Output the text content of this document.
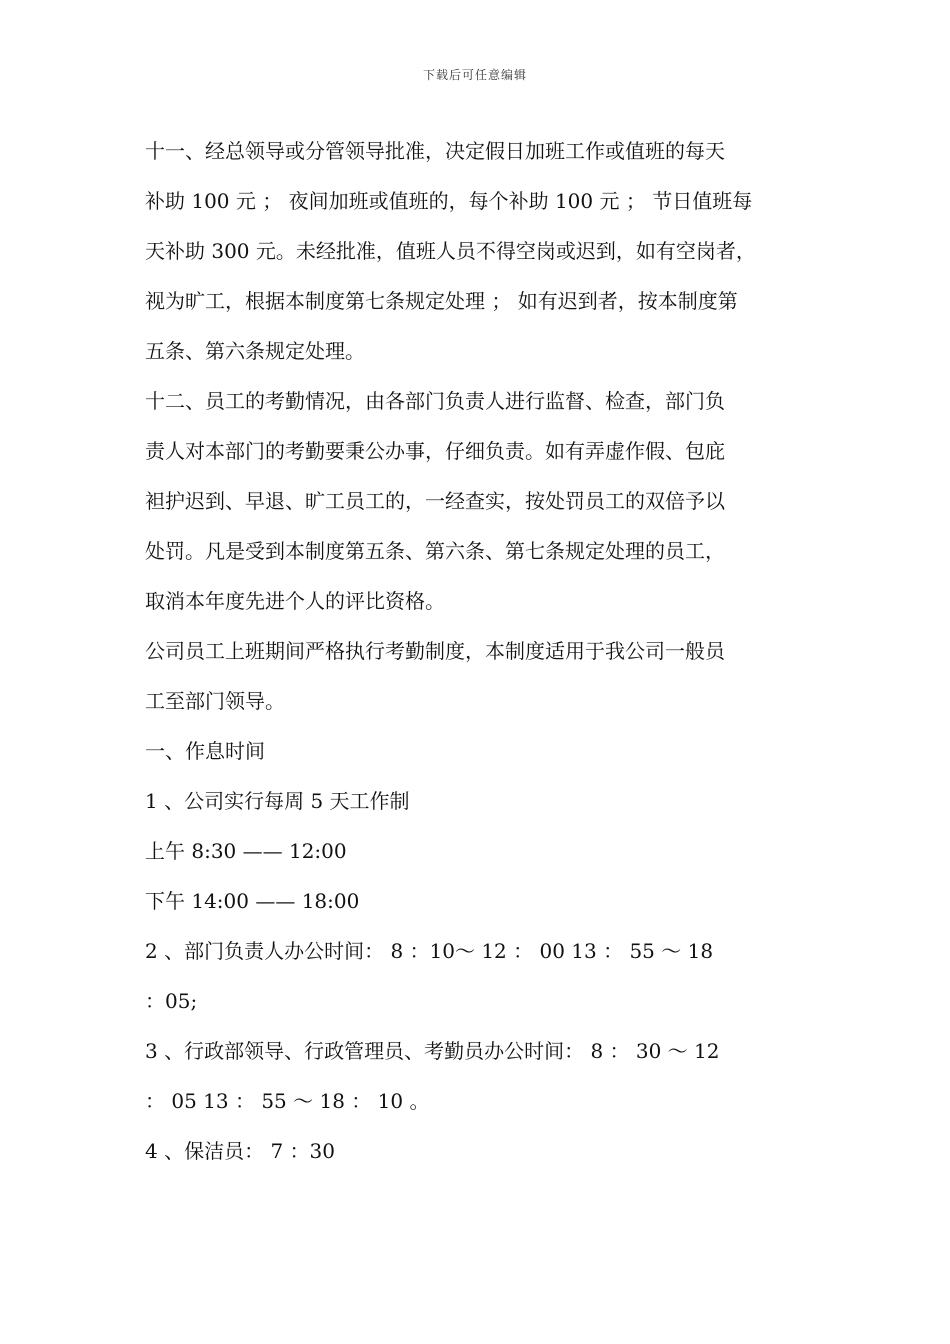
下载后可任意编辑
十一、经总领导或分管领导批准，决定假日加班工作或值班的每天
补助 100 元 ； 夜间加班或值班的，每个补助 100 元 ； 节日值班每
天补助 300 元。未经批准，值班人员不得空岗或迟到，如有空岗者，
视为旷工，根据本制度第七条规定处理 ； 如有迟到者，按本制度第
五条、第六条规定处理。
十二、员工的考勤情况，由各部门负责人进行监督、检查，部门负
责人对本部门的考勤要秉公办事，仔细负责。如有弄虚作假、包庇
袒护迟到、早退、旷工员工的，一经查实，按处罚员工的双倍予以
处罚。凡是受到本制度第五条、第六条、第七条规定处理的员工，
取消本年度先进个人的评比资格。
公司员工上班期间严格执行考勤制度，本制度适用于我公司一般员
工至部门领导。
一、作息时间
1 、公司实行每周 5 天工作制
上午 8:30 —— 12:00
下午 14:00 —— 18:00
2 、部门负责人办公时间： 8 ：10～ 12 ： 00 13 ： 55 ～ 18
：05;
3 、行政部领导、行政管理员、考勤员办公时间： 8 ： 30 ～ 12
： 05 13 ： 55 ～ 18 ： 10 。
4 、保洁员： 7 ：30
